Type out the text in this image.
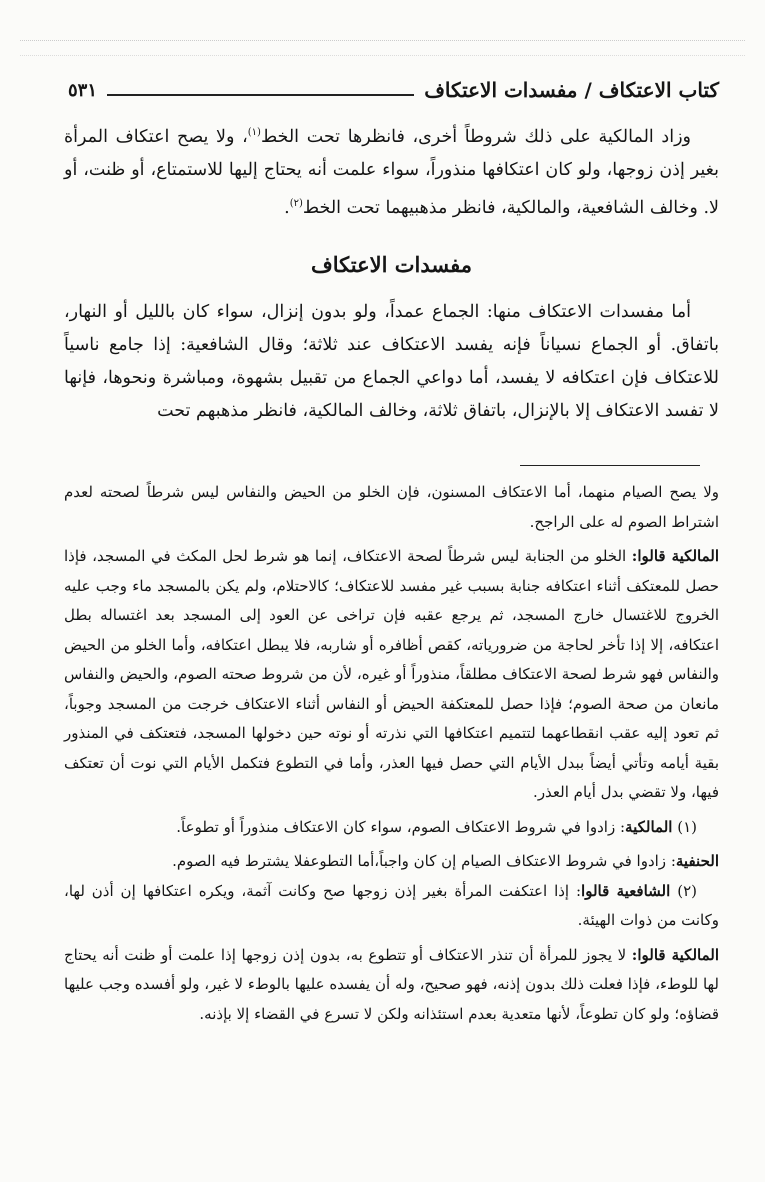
كتاب الاعتكاف / مفسدات الاعتكاف
٥٣١

وزاد المالكية على ذلك شروطاً أخرى، فانظرها تحت الخط$^{(١)}$، ولا يصح اعتكاف المرأة بغير إذن زوجها، ولو كان اعتكافها منذوراً، سواء علمت أنه يحتاج إليها للاستمتاع، أو ظنت، أو لا. وخالف الشافعية، والمالكية، فانظر مذهبيهما تحت الخط$^{(٢)}$.

مفسدات الاعتكاف

أما مفسدات الاعتكاف منها: الجماع عمداً، ولو بدون إنزال، سواء كان بالليل أو النهار، باتفاق. أو الجماع نسياناً فإنه يفسد الاعتكاف عند ثلاثة؛ وقال الشافعية: إذا جامع ناسياً للاعتكاف فإن اعتكافه لا يفسد، أما دواعي الجماع من تقبيل بشهوة، ومباشرة ونحوها، فإنها لا تفسد الاعتكاف إلا بالإنزال، باتفاق ثلاثة، وخالف المالكية، فانظر مذهبهم تحت

ولا يصح الصيام منهما، أما الاعتكاف المسنون، فإن الخلو من الحيض والنفاس ليس شرطاً لصحته لعدم اشتراط الصوم له على الراجح.

المالكية قالوا: الخلو من الجنابة ليس شرطاً لصحة الاعتكاف، إنما هو شرط لحل المكث في المسجد، فإذا حصل للمعتكف أثناء اعتكافه جنابة بسبب غير مفسد للاعتكاف؛ كالاحتلام، ولم يكن بالمسجد ماء وجب عليه الخروج للاغتسال خارج المسجد، ثم يرجع عقبه فإن تراخى عن العود إلى المسجد بعد اغتساله بطل اعتكافه، إلا إذا تأخر لحاجة من ضرورياته، كقص أظافره أو شاربه، فلا يبطل اعتكافه، وأما الخلو من الحيض والنفاس فهو شرط لصحة الاعتكاف مطلقاً، منذوراً أو غيره، لأن من شروط صحته الصوم، والحيض والنفاس مانعان من صحة الصوم؛ فإذا حصل للمعتكفة الحيض أو النفاس أثناء الاعتكاف خرجت من المسجد وجوباً، ثم تعود إليه عقب انقطاعهما لتتميم اعتكافها التي نذرته أو نوته حين دخولها المسجد، فتعتكف في المنذور بقية أيامه وتأتي أيضاً ببدل الأيام التي حصل فيها العذر، وأما في التطوع فتكمل الأيام التي نوت أن تعتكف فيها، ولا تقضي بدل أيام العذر.

(١) المالكية: زادوا في شروط الاعتكاف الصوم، سواء كان الاعتكاف منذوراً أو تطوعاً.

الحنفية: زادوا في شروط الاعتكاف الصيام إن كان واجباً،أما التطوعفلا يشترط فيه الصوم.

(٢) الشافعية قالوا: إذا اعتكفت المرأة بغير إذن زوجها صح وكانت آثمة، ويكره اعتكافها إن أذن لها، وكانت من ذوات الهيئة.

المالكية قالوا: لا يجوز للمرأة أن تنذر الاعتكاف أو تتطوع به، بدون إذن زوجها إذا علمت أو ظنت أنه يحتاج لها للوطء، فإذا فعلت ذلك بدون إذنه، فهو صحيح، وله أن يفسده عليها بالوطء لا غير، ولو أفسده وجب عليها قضاؤه؛ ولو كان تطوعاً، لأنها متعدية بعدم استئذانه ولكن لا تسرع في القضاء إلا بإذنه.
